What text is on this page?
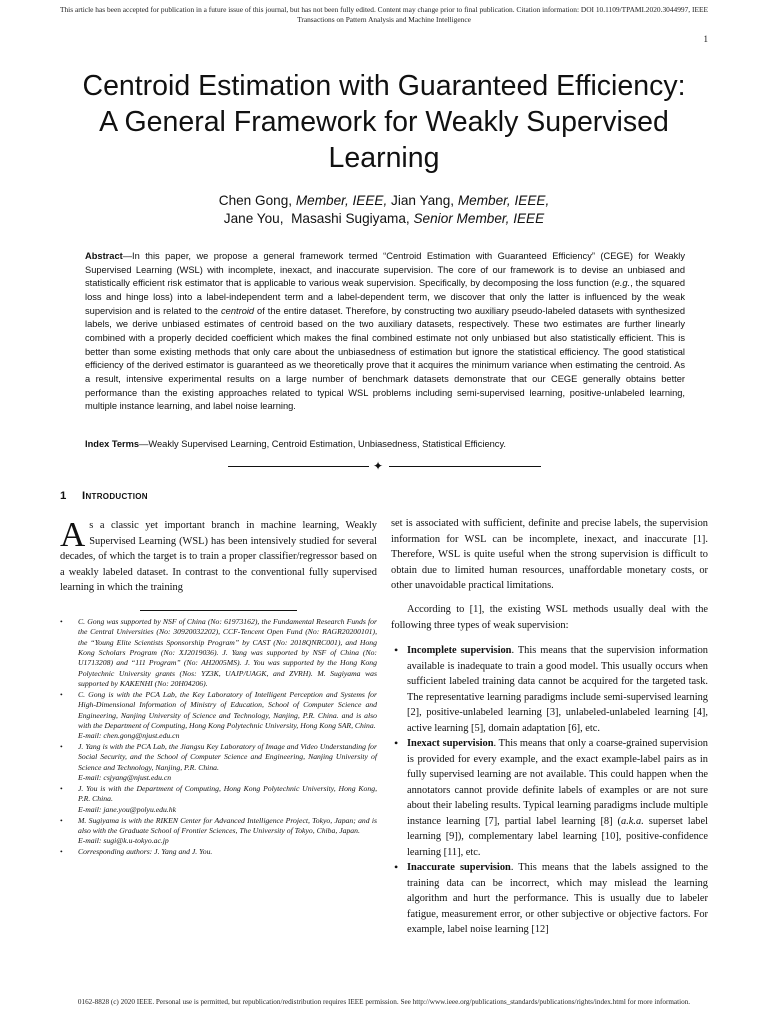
This article has been accepted for publication in a future issue of this journal, but has not been fully edited. Content may change prior to final publication. Citation information: DOI 10.1109/TPAMI.2020.3044997, IEEE
Transactions on Pattern Analysis and Machine Intelligence
1
Centroid Estimation with Guaranteed Efficiency:
A General Framework for Weakly Supervised
Learning
Chen Gong, Member, IEEE, Jian Yang, Member, IEEE,
Jane You, Masashi Sugiyama, Senior Member, IEEE

Abstract—In this paper, we propose a general framework termed “Centroid Estimation with Guaranteed Efficiency” (CEGE) for Weakly Supervised Learning (WSL) with incomplete, inexact, and inaccurate supervision. The core of our framework is to devise an unbiased and statistically efficient risk estimator that is applicable to various weak supervision. Specifically, by decomposing the loss function (e.g., the squared loss and hinge loss) into a label-independent term and a label-dependent term, we discover that only the latter is influenced by the weak supervision and is related to the centroid of the entire dataset. Therefore, by constructing two auxiliary pseudo-labeled datasets with synthesized labels, we derive unbiased estimates of centroid based on the two auxiliary datasets, respectively. These two estimates are further linearly combined with a properly decided coefficient which makes the final combined estimate not only unbiased but also statistically efficient. This is better than some existing methods that only care about the unbiasedness of estimation but ignore the statistical efficiency. The good statistical efficiency of the derived estimator is guaranteed as we theoretically prove that it acquires the minimum variance when estimating the centroid. As a result, intensive experimental results on a large number of benchmark datasets demonstrate that our CEGE generally obtains better performance than the existing approaches related to typical WSL problems including semi-supervised learning, positive-unlabeled learning, multiple instance learning, and label noise learning.

Index Terms—Weakly Supervised Learning, Centroid Estimation, Unbiasedness, Statistical Efficiency.

✦
1 Introduction

As a classic yet important branch in machine learning, Weakly Supervised Learning (WSL) has been intensively studied for several decades, of which the target is to train a proper classifier/regressor based on a weakly labeled dataset. In contrast to the conventional fully supervised learning in which the training

• C. Gong was supported by NSF of China (No: 61973162), the Fundamental Research Funds for the Central Universities (No: 30920032202), CCF-Tencent Open Fund (No: RAGR20200101), the “Young Elite Scientists Sponsorship Program” by CAST (No: 2018QNRC001), and Hong Kong Scholars Program (No: XJ2019036). J. Yang was supported by NSF of China (No: U1713208) and “111 Program” (No: AH2005MS). J. You was supported by the Hong Kong Polytechnic University grants (Nos: YZ3K, UAJP/UAGK, and ZVRH). M. Sugiyama was supported by KAKENHI (No: 20H04206).
• C. Gong is with the PCA Lab, the Key Laboratory of Intelligent Perception and Systems for High-Dimensional Information of Ministry of Education, School of Computer Science and Engineering, Nanjing University of Science and Technology, Nanjing, P.R. China. and is also with the Department of Computing, Hong Kong Polytechnic University, Hong Kong SAR, China.
E-mail: chen.gong@njust.edu.cn
• J. Yang is with the PCA Lab, the Jiangsu Key Laboratory of Image and Video Understanding for Social Security, and the School of Computer Science and Engineering, Nanjing University of Science and Technology, Nanjing, P.R. China.
E-mail: csjyang@njust.edu.cn
• J. You is with the Department of Computing, Hong Kong Polytechnic University, Hong Kong, P.R. China.
E-mail: jane.you@polyu.edu.hk
• M. Sugiyama is with the RIKEN Center for Advanced Intelligence Project, Tokyo, Japan; and is also with the Graduate School of Frontier Sciences, The University of Tokyo, Chiba, Japan.
E-mail: sugi@k.u-tokyo.ac.jp
• Corresponding authors: J. Yang and J. You.

set is associated with sufficient, definite and precise labels, the supervision information for WSL can be incomplete, inexact, and inaccurate [1]. Therefore, WSL is quite useful when the strong supervision is difficult to obtain due to limited human resources, unaffordable monetary costs, or other unavoidable practical limitations.

According to [1], the existing WSL methods usually deal with the following three types of weak supervision:

• Incomplete supervision. This means that the supervision information available is inadequate to train a good model. This usually occurs when sufficient labeled training data cannot be acquired for the targeted task. The representative learning paradigms include semi-supervised learning [2], positive-unlabeled learning [3], unlabeled-unlabeled learning [4], active learning [5], domain adaptation [6], etc.
• Inexact supervision. This means that only a coarse-grained supervision is provided for every example, and the exact example-label pairs as in fully supervised learning are not available. This could happen when the annotators cannot provide definite labels of examples or are not sure about their labeling results. Typical learning paradigms include multiple instance learning [7], partial label learning [8] (a.k.a. superset label learning [9]), complementary label learning [10], positive-confidence learning [11], etc.
• Inaccurate supervision. This means that the labels assigned to the training data can be incorrect, which may mislead the learning algorithm and hurt the performance. This is usually due to labeler fatigue, measurement error, or other subjective or objective factors. For example, label noise learning [12]
0162-8828 (c) 2020 IEEE. Personal use is permitted, but republication/redistribution requires IEEE permission. See http://www.ieee.org/publications_standards/publications/rights/index.html for more information.
